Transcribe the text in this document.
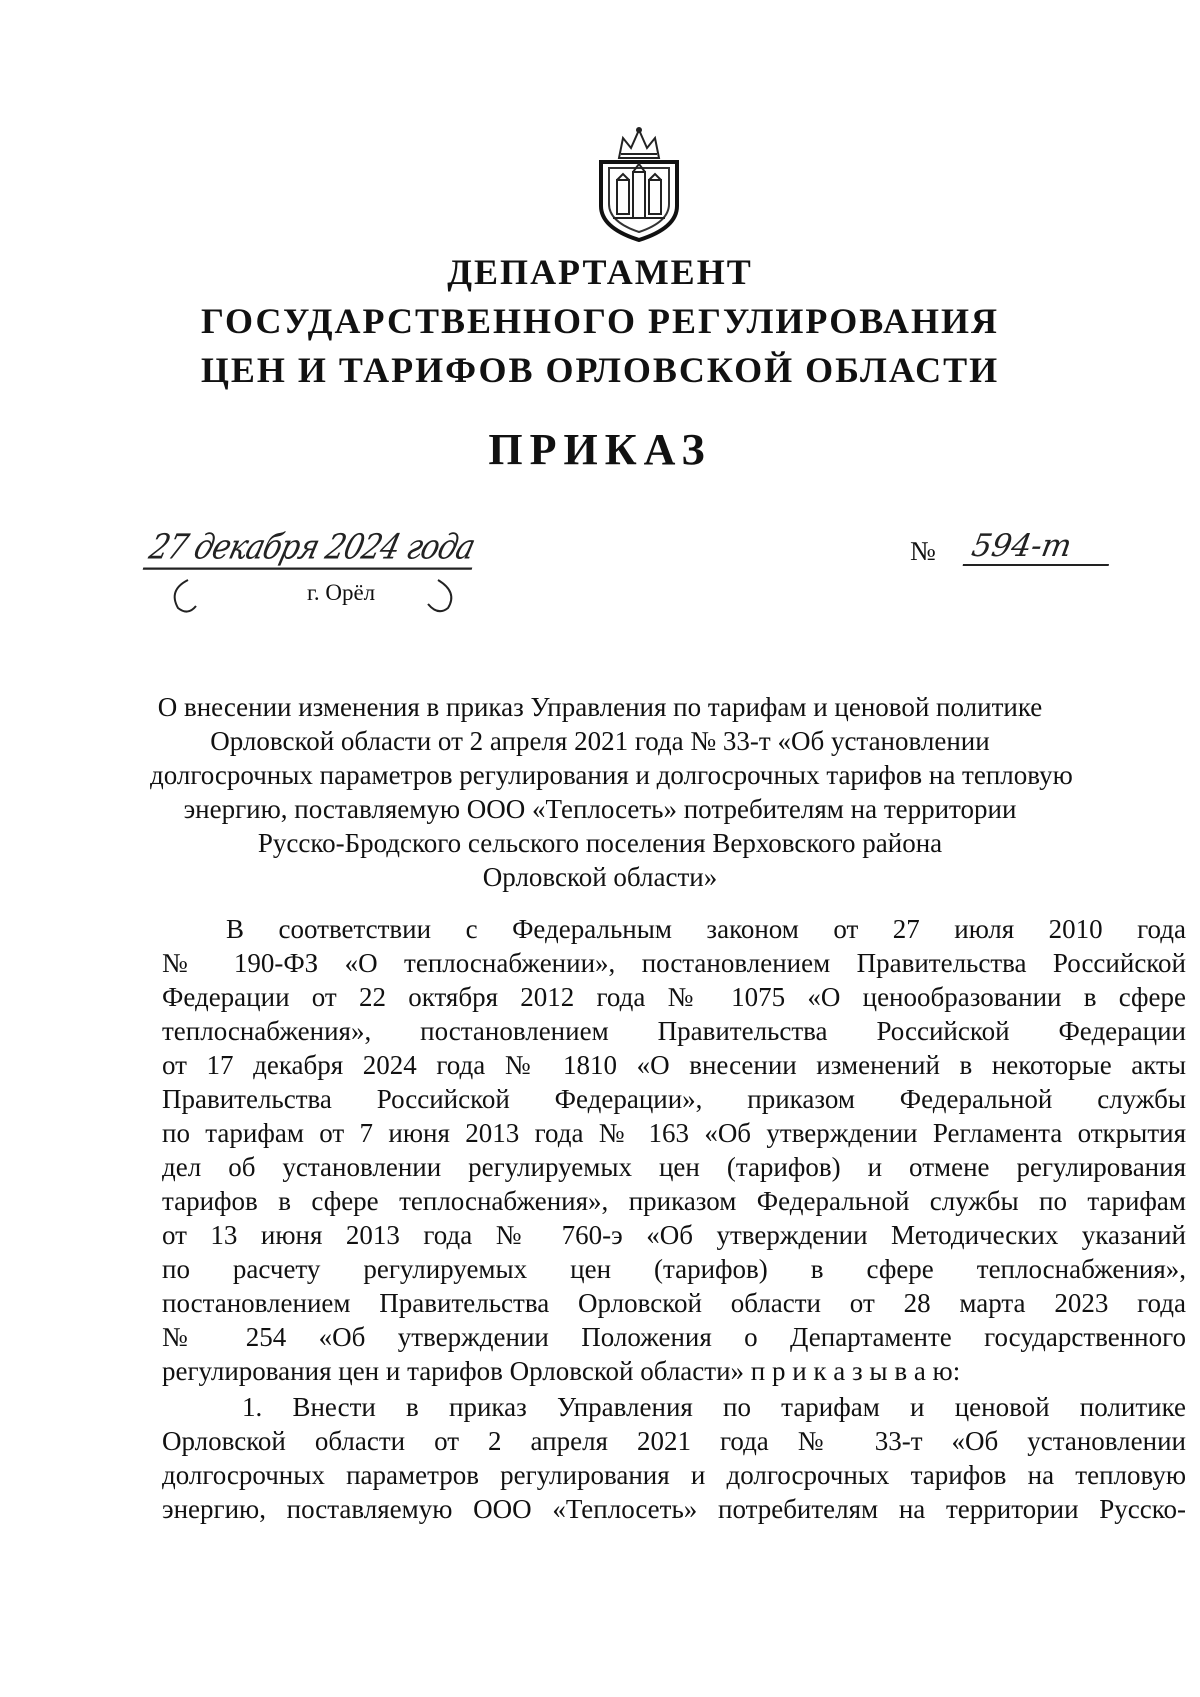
ДЕПАРТАМЕНТ
ГОСУДАРСТВЕННОГО РЕГУЛИРОВАНИЯ
ЦЕН И ТАРИФОВ ОРЛОВСКОЙ ОБЛАСТИ
ПРИКАЗ
27 декабря 2024 года
г. Орёл
№ 594-т
О внесении изменения в приказ Управления по тарифам и ценовой политике
Орловской области от 2 апреля 2021 года № 33-т «Об установлении
долгосрочных параметров регулирования и долгосрочных тарифов на тепловую
энергию, поставляемую ООО «Теплосеть» потребителям на территории
Русско-Бродского сельского поселения Верховского района
Орловской области»
В соответствии с Федеральным законом от 27 июля 2010 года
№ 190-ФЗ «О теплоснабжении», постановлением Правительства Российской
Федерации от 22 октября 2012 года № 1075 «О ценообразовании в сфере
теплоснабжения», постановлением Правительства Российской Федерации
от 17 декабря 2024 года № 1810 «О внесении изменений в некоторые акты
Правительства Российской Федерации», приказом Федеральной службы
по тарифам от 7 июня 2013 года № 163 «Об утверждении Регламента открытия
дел об установлении регулируемых цен (тарифов) и отмене регулирования
тарифов в сфере теплоснабжения», приказом Федеральной службы по тарифам
от 13 июня 2013 года № 760-э «Об утверждении Методических указаний
по расчету регулируемых цен (тарифов) в сфере теплоснабжения»,
постановлением Правительства Орловской области от 28 марта 2023 года
№ 254 «Об утверждении Положения о Департаменте государственного
регулирования цен и тарифов Орловской области» п р и к а з ы в а ю:
1. Внести в приказ Управления по тарифам и ценовой политике
Орловской области от 2 апреля 2021 года № 33-т «Об установлении
долгосрочных параметров регулирования и долгосрочных тарифов на тепловую
энергию, поставляемую ООО «Теплосеть» потребителям на территории Русско-
